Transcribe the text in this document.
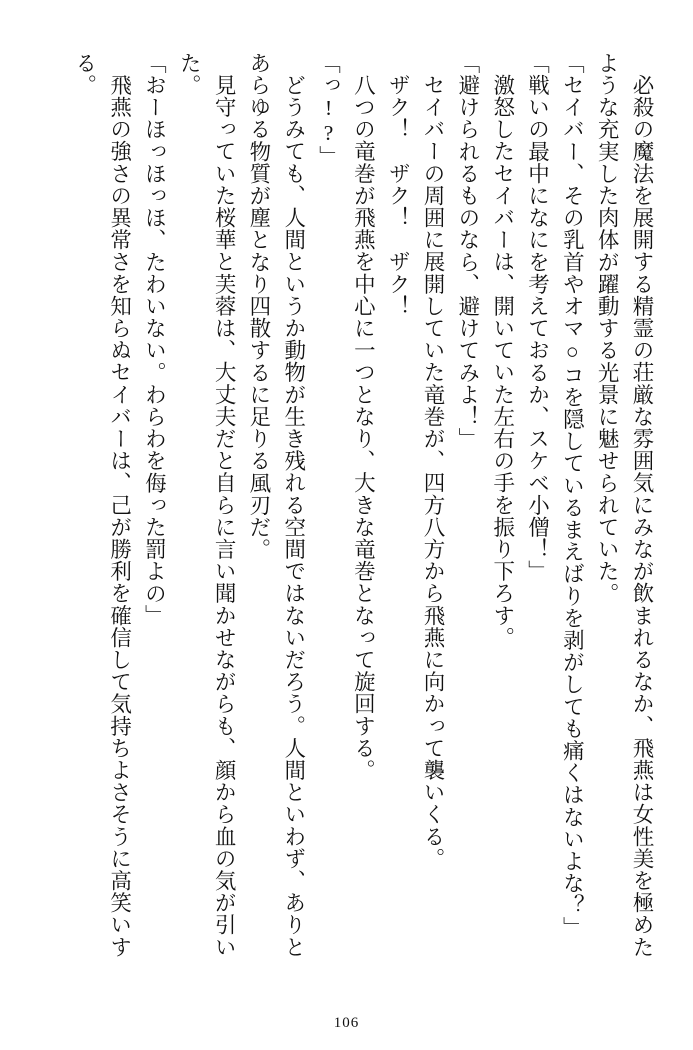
必殺の魔法を展開する精霊の荘厳な雰囲気にみなが飲まれるなか、飛燕は女性美を極めたような充実した肉体が躍動する光景に魅せられていた。

「セイバー、その乳首やオマ○コを隠しているまえばりを剥がしても痛くはないよな？」

「戦いの最中になにを考えておるか、スケベ小僧！」

激怒したセイバーは、開いていた左右の手を振り下ろす。

「避けられるものなら、避けてみよ！」

セイバーの周囲に展開していた竜巻が、四方八方から飛燕に向かって襲いくる。

ザク！　ザク！　ザク！

八つの竜巻が飛燕を中心に一つとなり、大きな竜巻となって旋回する。

「っ!?」

どうみても、人間というか動物が生き残れる空間ではないだろう。人間といわず、ありとあらゆる物質が塵となり四散するに足りる風刃だ。

見守っていた桜華と芙蓉は、大丈夫だと自らに言い聞かせながらも、顔から血の気が引いた。

「おーほっほっほ、たわいない。わらわを侮った罰よの」

飛燕の強さの異常さを知らぬセイバーは、己が勝利を確信して気持ちよさそうに高笑いする。

106
